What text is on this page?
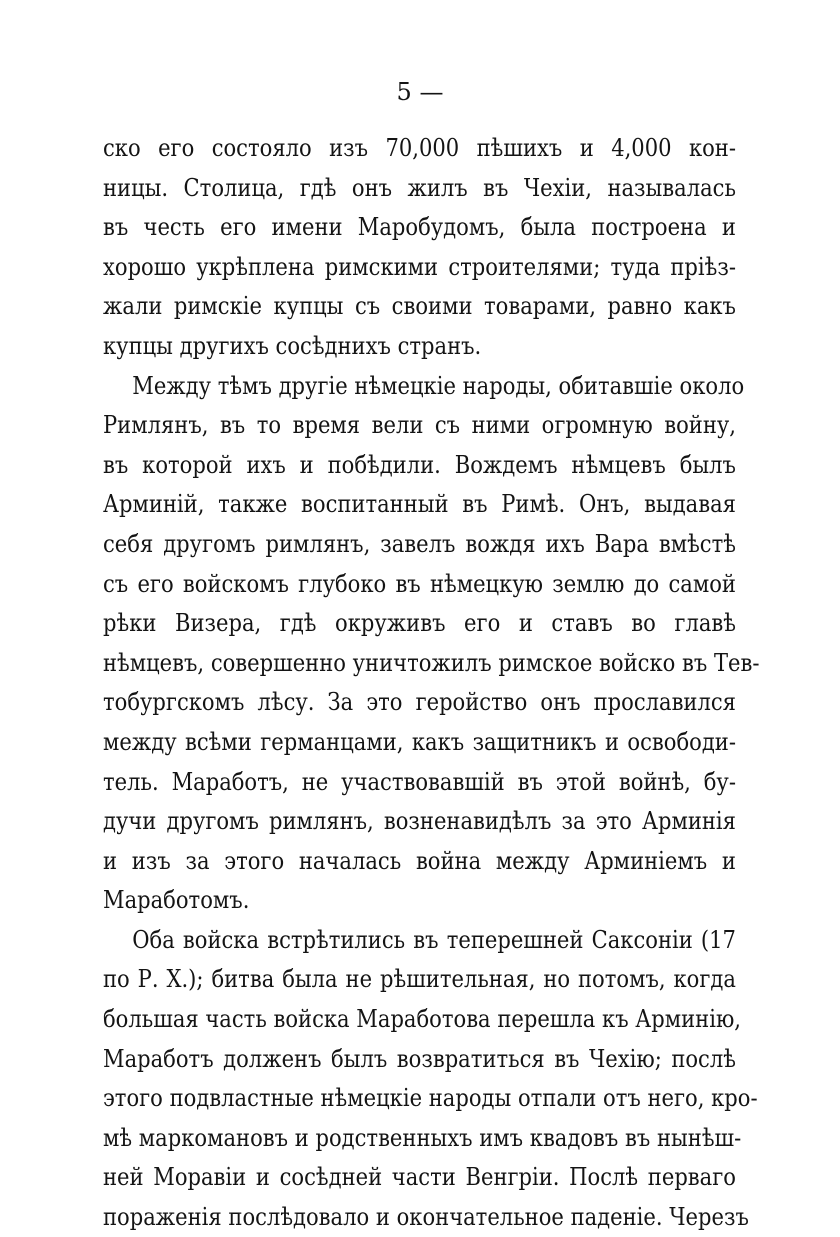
5 —
ско его состояло изъ 70,000 пѣшихъ и 4,000 кон-
ницы. Столица, гдѣ онъ жилъ въ Чехіи, называлась
въ честь его имени Маробудомъ, была построена и
хорошо укрѣплена римскими строителями; туда пріѣз-
жали римскіе купцы съ своими товарами, равно какъ
купцы другихъ сосѣднихъ странъ.
Между тѣмъ другіе нѣмецкіе народы, обитавшіе около
Римлянъ, въ то время вели съ ними огромную войну,
въ которой ихъ и побѣдили. Вождемъ нѣмцевъ былъ
Арминій, также воспитанный въ Римѣ. Онъ, выдавая
себя другомъ римлянъ, завелъ вождя ихъ Вара вмѣстѣ
съ его войскомъ глубоко въ нѣмецкую землю до самой
рѣки Визера, гдѣ окруживъ его и ставъ во главѣ
нѣмцевъ, совершенно уничтожилъ римское войско въ Тев-
тобургскомъ лѣсу. За это геройство онъ прославился
между всѣми германцами, какъ защитникъ и освободи-
тель. Маработъ, не участвовавшій въ этой войнѣ, бу-
дучи другомъ римлянъ, возненавидѣлъ за это Арминія
и изъ за этого началась война между Арминіемъ и
Маработомъ.
Оба войска встрѣтились въ теперешней Саксоніи (17
по Р. Х.); битва была не рѣшительная, но потомъ, когда
большая часть войска Маработова перешла къ Арминію,
Маработъ долженъ былъ возвратиться въ Чехію; послѣ
этого подвластные нѣмецкіе народы отпали отъ него, кро-
мѣ маркомановъ и родственныхъ имъ квадовъ въ нынѣш-
ней Моравіи и сосѣдней части Венгріи. Послѣ перваго
пораженія послѣдовало и окончательное паденіе. Черезъ
